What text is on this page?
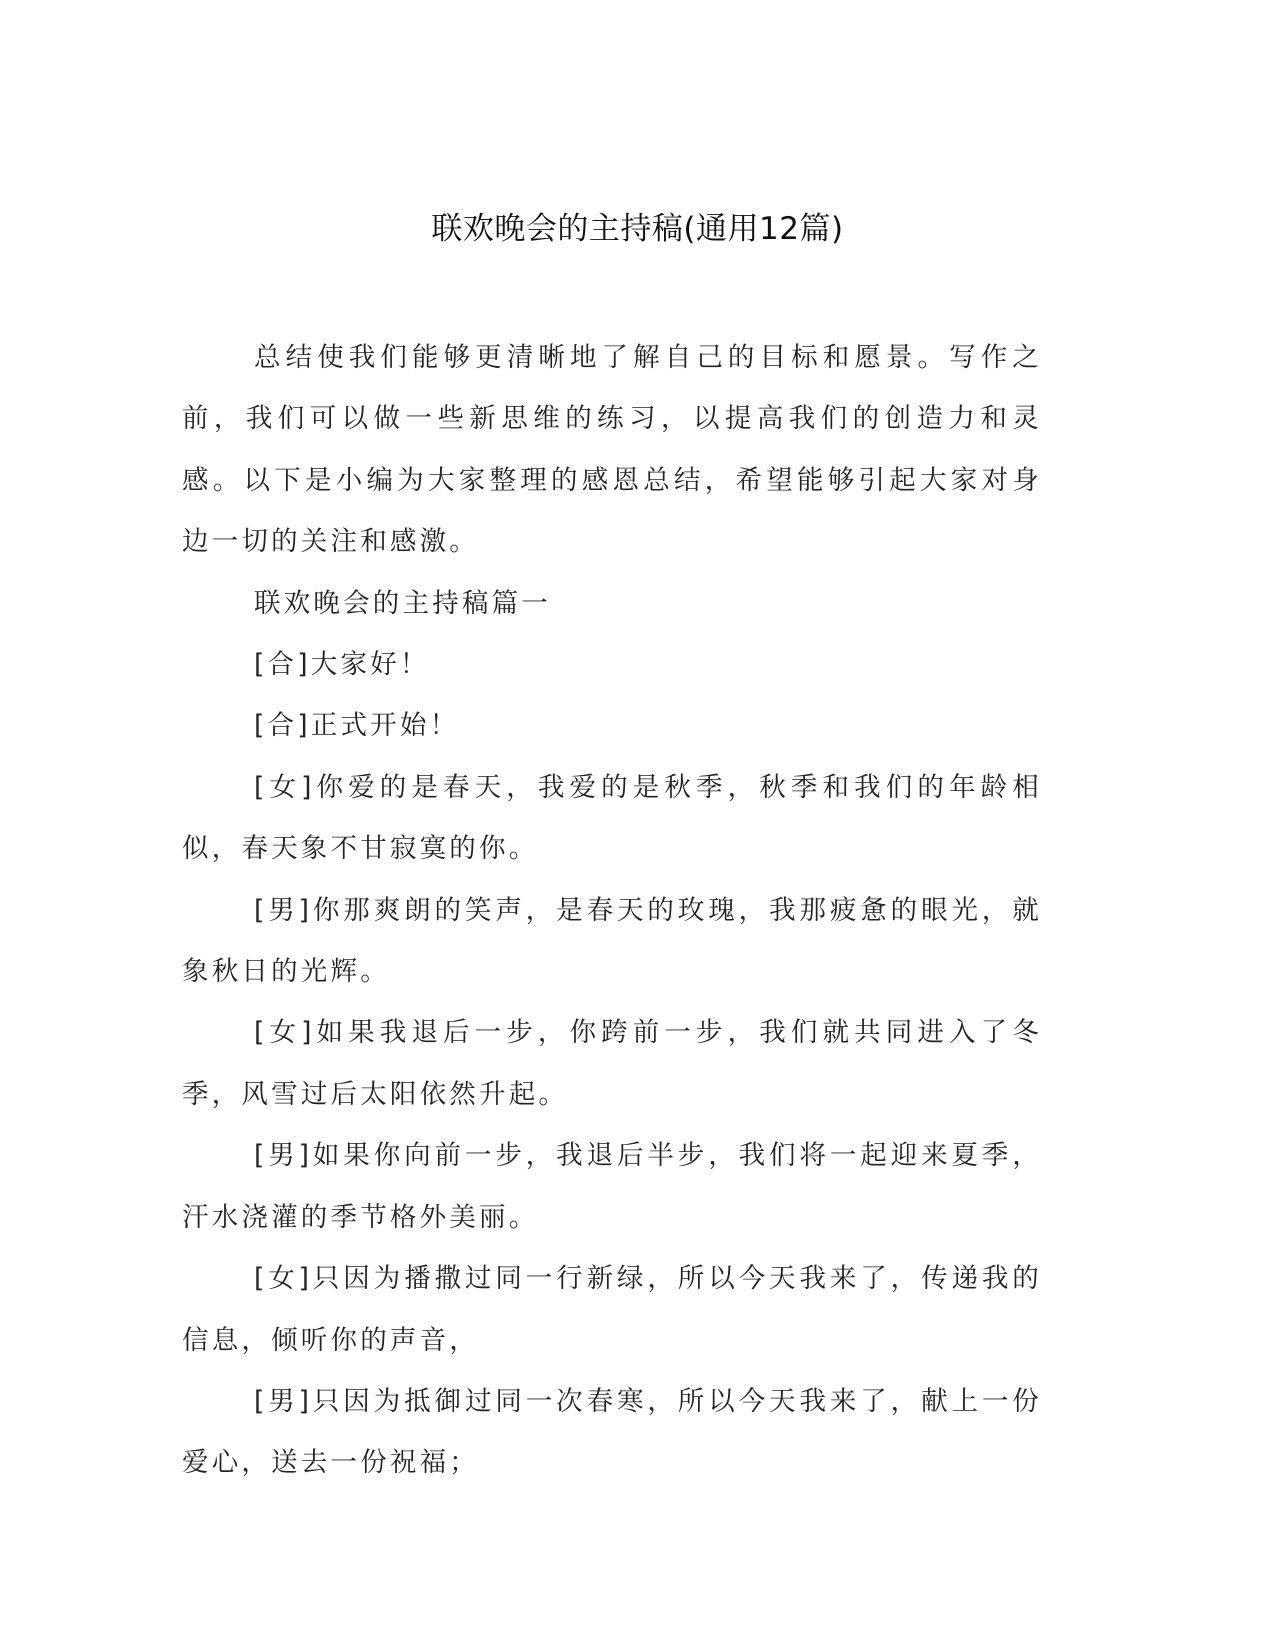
联欢晚会的主持稿(通用12篇)

总结使我们能够更清晰地了解自己的目标和愿景。写作之前，我们可以做一些新思维的练习，以提高我们的创造力和灵感。以下是小编为大家整理的感恩总结，希望能够引起大家对身边一切的关注和感激。

联欢晚会的主持稿篇一

[合]大家好！

[合]正式开始！

[女]你爱的是春天，我爱的是秋季，秋季和我们的年龄相似，春天象不甘寂寞的你。

[男]你那爽朗的笑声，是春天的玫瑰，我那疲惫的眼光，就象秋日的光辉。

[女]如果我退后一步，你跨前一步，我们就共同进入了冬季，风雪过后太阳依然升起。

[男]如果你向前一步，我退后半步，我们将一起迎来夏季，汗水浇灌的季节格外美丽。

[女]只因为播撒过同一行新绿，所以今天我来了，传递我的信息，倾听你的声音，

[男]只因为抵御过同一次春寒，所以今天我来了，献上一份爱心，送去一份祝福；
